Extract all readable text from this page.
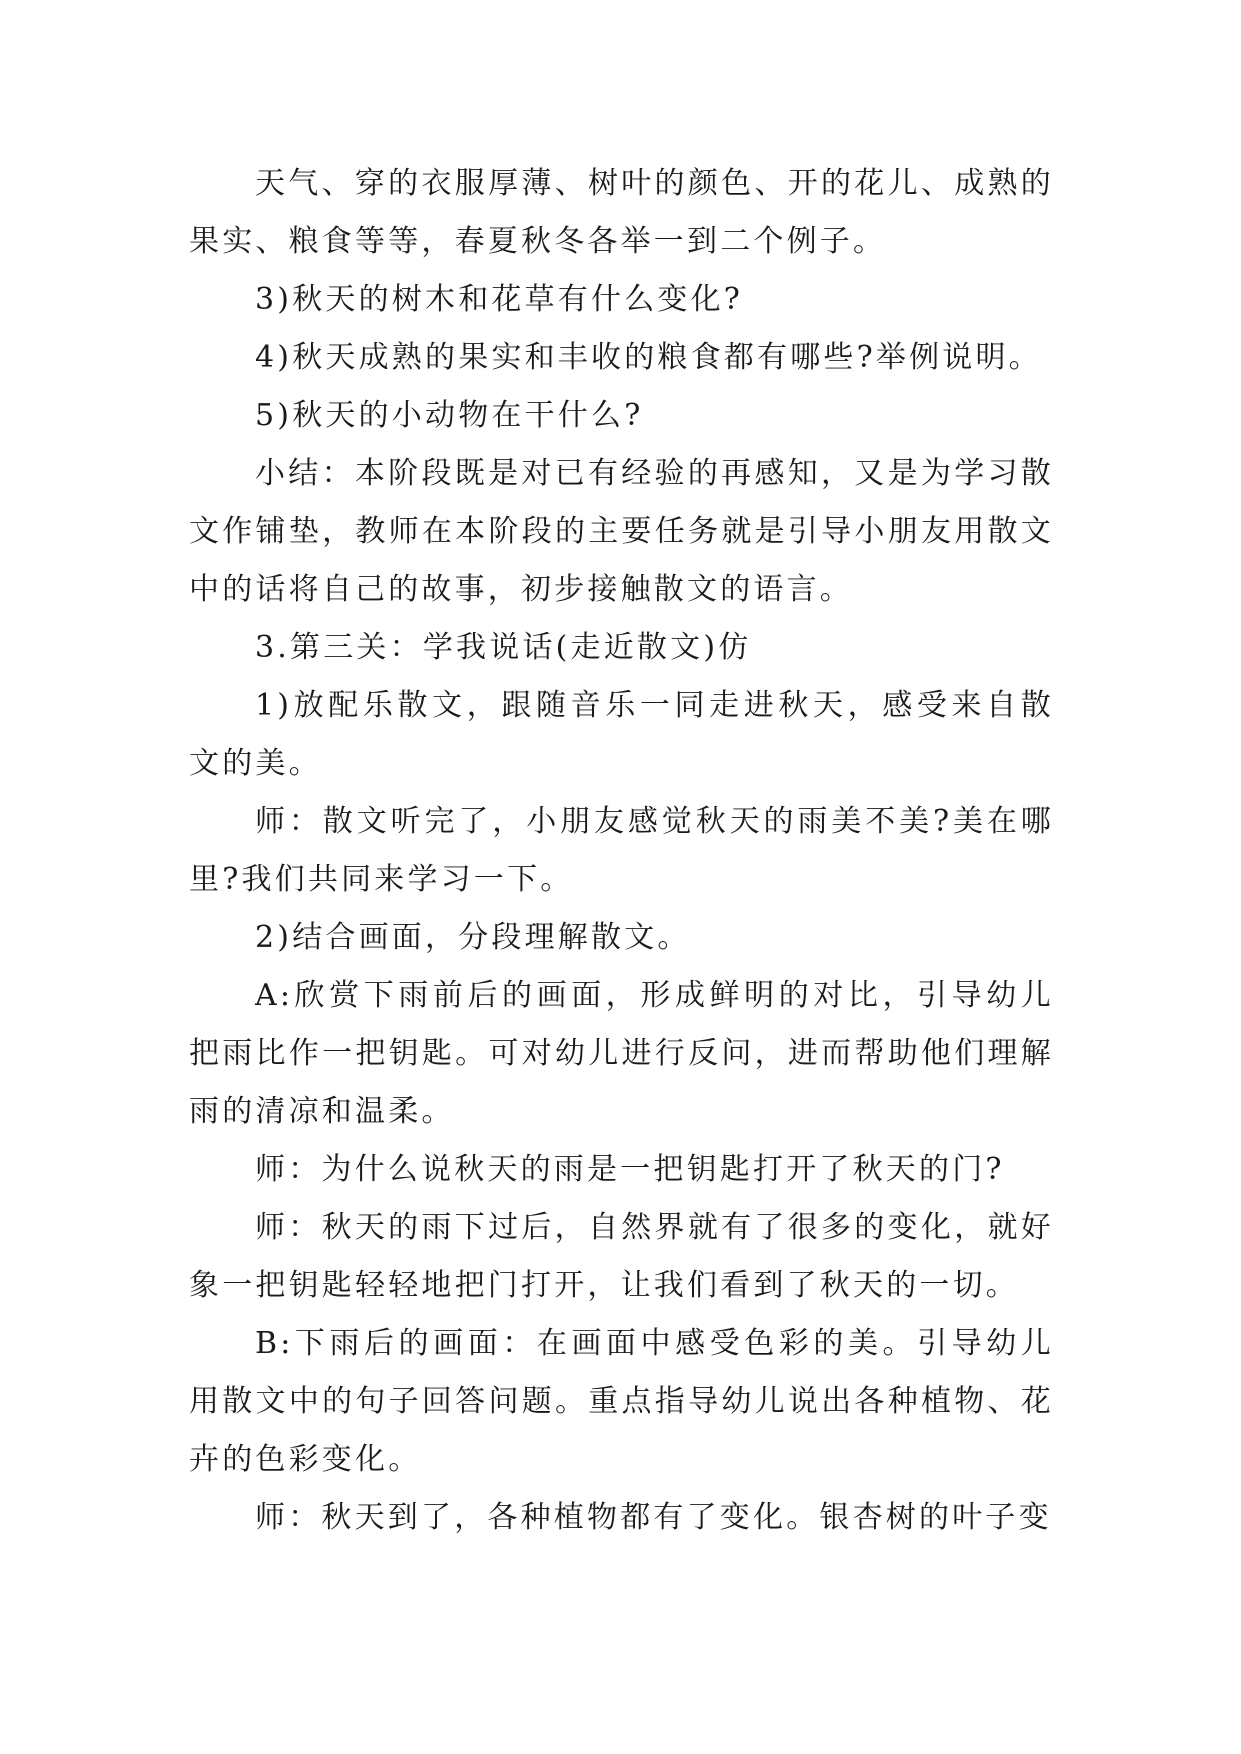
天气、穿的衣服厚薄、树叶的颜色、开的花儿、成熟的果实、粮食等等，春夏秋冬各举一到二个例子。

3)秋天的树木和花草有什么变化?

4)秋天成熟的果实和丰收的粮食都有哪些?举例说明。

5)秋天的小动物在干什么?

小结：本阶段既是对已有经验的再感知，又是为学习散文作铺垫，教师在本阶段的主要任务就是引导小朋友用散文中的话将自己的故事，初步接触散文的语言。

3.第三关：学我说话(走近散文)仿

1)放配乐散文，跟随音乐一同走进秋天，感受来自散文的美。

师：散文听完了，小朋友感觉秋天的雨美不美?美在哪里?我们共同来学习一下。

2)结合画面，分段理解散文。

A:欣赏下雨前后的画面，形成鲜明的对比，引导幼儿把雨比作一把钥匙。可对幼儿进行反问，进而帮助他们理解雨的清凉和温柔。

师：为什么说秋天的雨是一把钥匙打开了秋天的门?

师：秋天的雨下过后，自然界就有了很多的变化，就好象一把钥匙轻轻地把门打开，让我们看到了秋天的一切。

B:下雨后的画面：在画面中感受色彩的美。引导幼儿用散文中的句子回答问题。重点指导幼儿说出各种植物、花卉的色彩变化。

师：秋天到了，各种植物都有了变化。银杏树的叶子变
